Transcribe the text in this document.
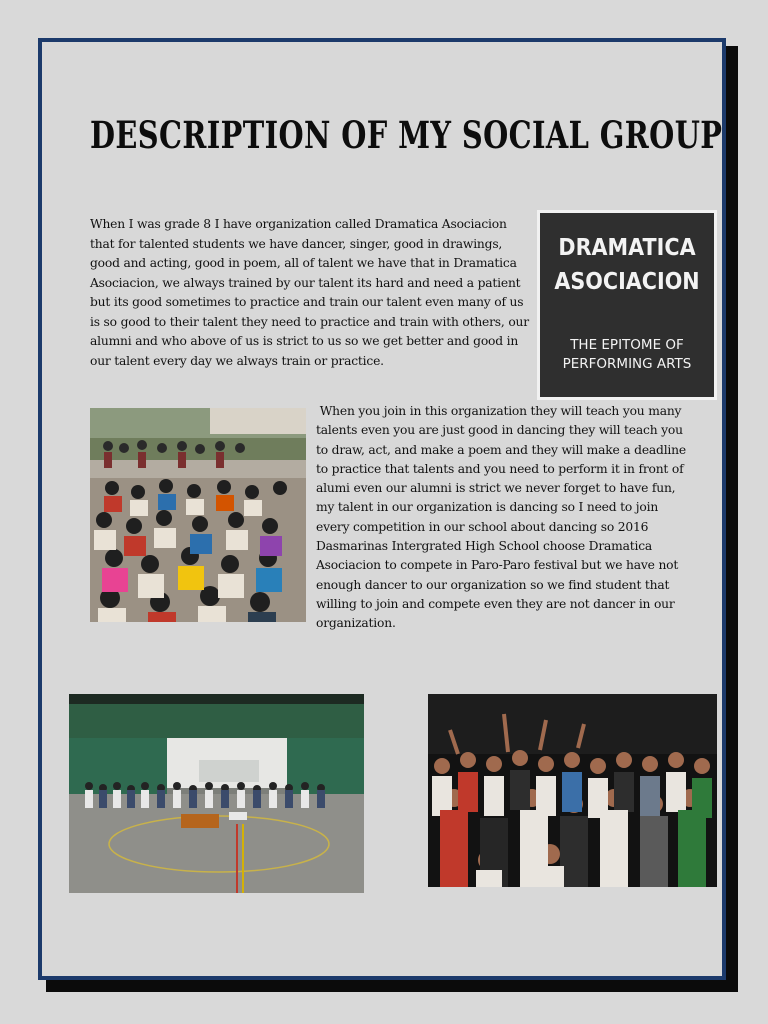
DESCRIPTION OF MY SOCIAL GROUP

When I was grade 8 I have organization called Dramatica Asociacion that for talented students we have dancer, singer, good in drawings, good and acting, good in poem, all of talent we have that in Dramatica Asociacion, we always trained by our talent its hard and need a patient but its good sometimes to practice and train our talent even many of us is so good to their talent they need to practice and train with others, our alumni and who above of us is strict to us so we get better and good in our talent every day we always train or practice.

DRAMATICA
ASOCIACION
THE EPITOME OF
PERFORMING ARTS
When you join in this organization they will teach you many talents even you are just good in dancing they will teach you to draw, act, and make a poem and they will make a deadline to practice that talents and you need to perform it in front of alumi even our alumni is strict we never forget to have fun, my talent in our organization is dancing so I need to join every competition in our school about dancing so 2016 Dasmarinas Intergrated High School choose Dramatica Asociacion to compete in Paro-Paro festival but we have not enough dancer to our organization so we find student that willing to join and compete even they are not dancer in our organization.
